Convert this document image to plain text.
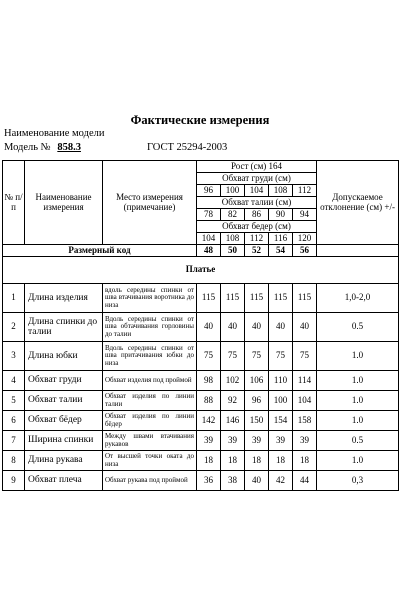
Фактические измерения
Наименование модели
Модель № 858.3	ГОСТ 25294-2003
№ п/п	Наименование измерения	Место измерения (примечание)	Рост (см) 164					Допускаемое отклонение (см) +/-
			Обхват груди (см)					
			96	100	104	108	112	
			Обхват талии (см)					
			78	82	86	90	94	
			Обхват бедер (см)					
			104	108	112	116	120	
Размерный код			48	50	52	54	56	
Платье								
1	Длина изделия	вдоль середины спинки от шва втачивания воротника до низа	115	115	115	115	115	1,0-2,0
2	Длина спинки до талии	Вдоль середины спинки от шва обтачивания горловины до талии	40	40	40	40	40	0.5
3	Длина юбки	Вдоль середины спинки от шва притачивания юбки до низа	75	75	75	75	75	1.0
4	Обхват груди	Обхват изделия под проймой	98	102	106	110	114	1.0
5	Обхват талии	Обхват изделия по линии талии	88	92	96	100	104	1.0
6	Обхват бёдер	Обхват изделия по линии бёдер	142	146	150	154	158	1.0
7	Ширина спинки	Между швами втачивания рукавов	39	39	39	39	39	0.5
8	Длина рукава	От высшей точки оката до низа	18	18	18	18	18	1.0
9	Обхват плеча	Обхват рукава под проймой	36	38	40	42	44	0,3
